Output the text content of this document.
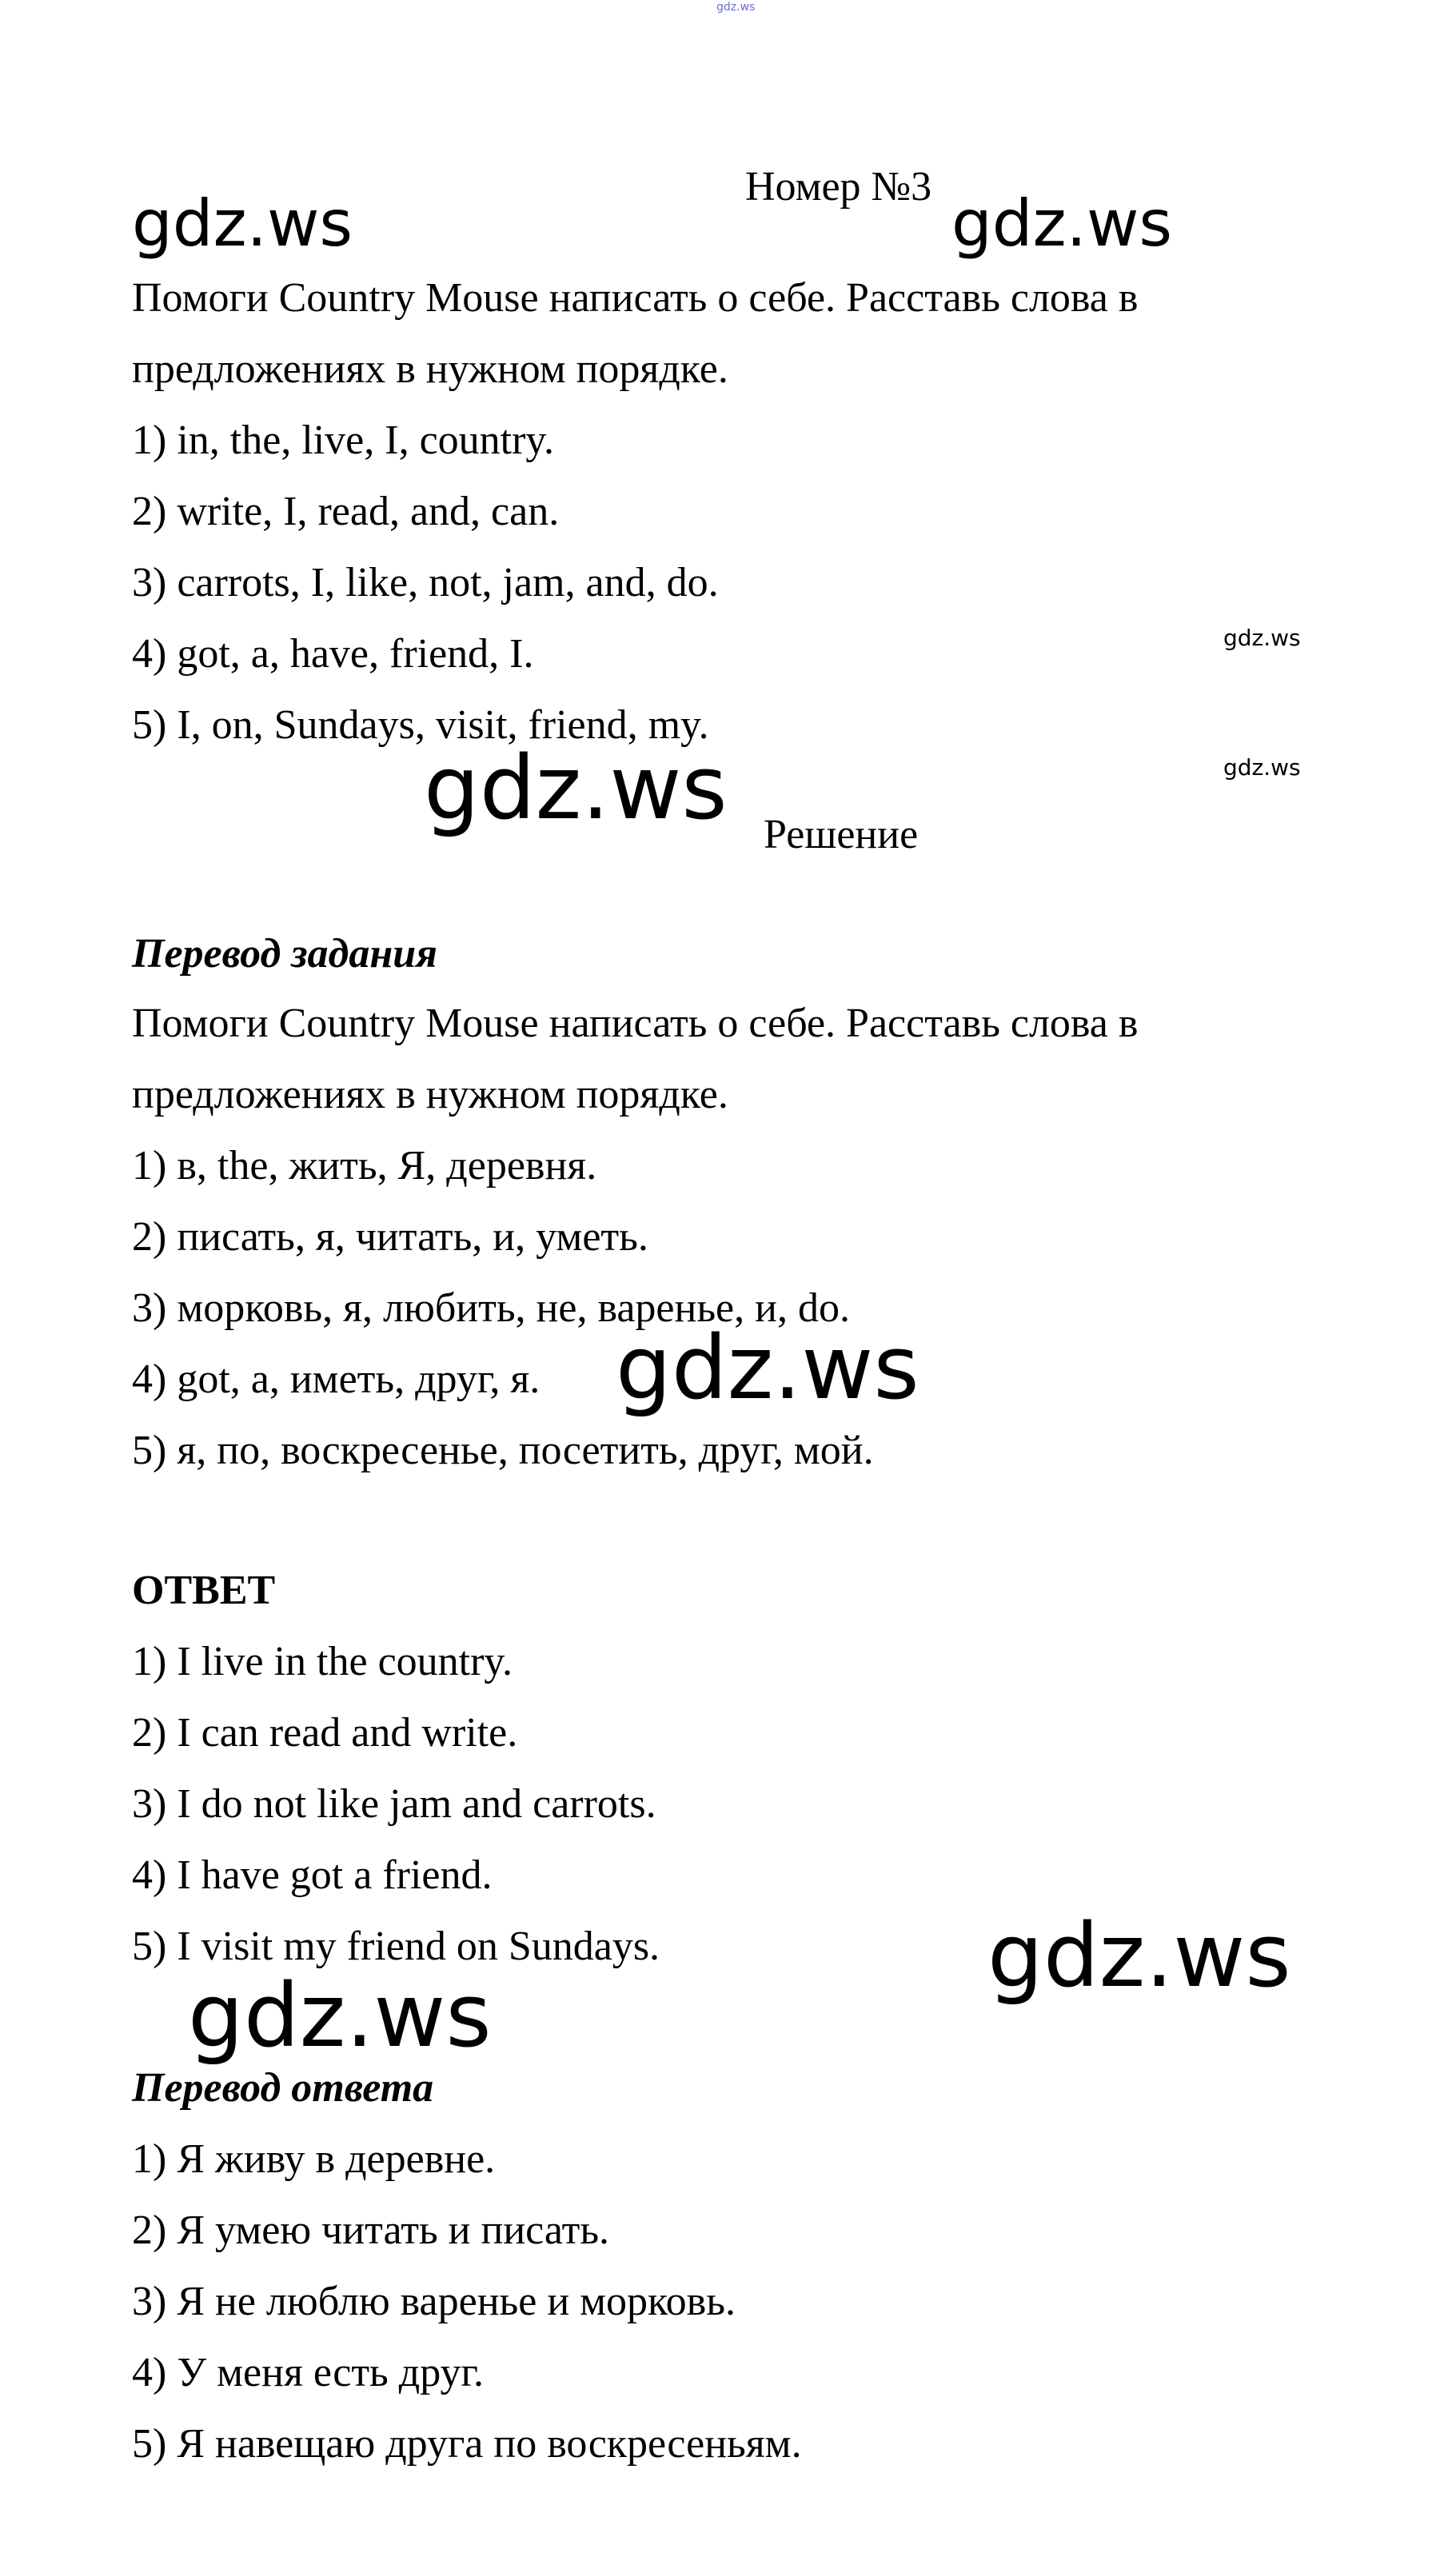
gdz.ws
gdz.ws	gdz.ws
gdz.ws
gdz.ws
gdz.ws
gdz.ws
gdz.ws
gdz.ws
Номер №3
Помоги Country Mouse написать о себе. Расставь слова в
предложениях в нужном порядке.
1) in, the, live, I, country.
2) write, I, read, and, can.
3) carrots, I, like, not, jam, and, do.
4) got, a, have, friend, I.
5) I, on, Sundays, visit, friend, my.
Решение
Перевод задания
Помоги Country Mouse написать о себе. Расставь слова в
предложениях в нужном порядке.
1) в, the, жить, Я, деревня.
2) писать, я, читать, и, уметь.
3) морковь, я, любить, не, варенье, и, do.
4) got, a, иметь, друг, я.
5) я, по, воскресенье, посетить, друг, мой.
ОТВЕТ
1) I live in the country.
2) I can read and write.
3) I do not like jam and carrots.
4) I have got a friend.
5) I visit my friend on Sundays.
Перевод ответа
1) Я живу в деревне.
2) Я умею читать и писать.
3) Я не люблю варенье и морковь.
4) У меня есть друг.
5) Я навещаю друга по воскресеньям.
